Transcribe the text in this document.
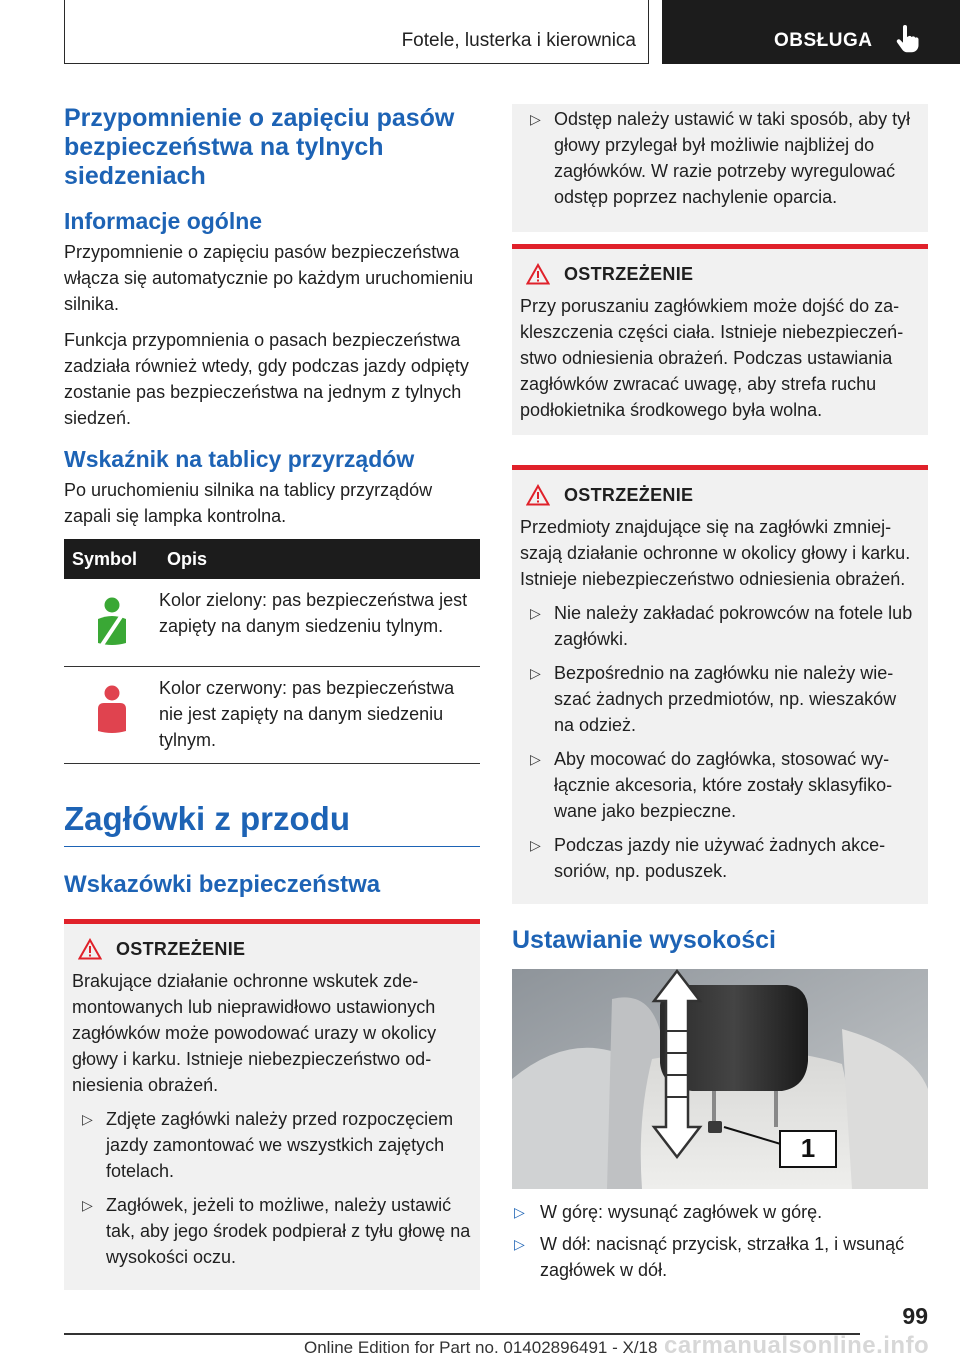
Fotele, lusterka i kierownica	OBSŁUGA
Przypomnienie o zapięciu pasów bezpieczeństwa na tylnych siedzeniach
Informacje ogólne

Przypomnienie o zapięciu pasów bezpieczeństwa włącza się automatycznie po każdym uruchomieniu silnika.

Funkcja przypomnienia o pasach bezpieczeństwa zadziała również wtedy, gdy podczas jazdy odpięty zostanie pas bezpieczeństwa na jednym z tylnych siedzeń.

Wskaźnik na tablicy przyrządów

Po uruchomieniu silnika na tablicy przyrządów zapali się lampka kontrolna.

Symbol	Opis
	Kolor zielony: pas bezpieczeństwa jest zapięty na danym siedzeniu tylnym.
	Kolor czerwony: pas bezpieczeństwa nie jest zapięty na danym siedzeniu tylnym.
Zagłówki z przodu
Wskazówki bezpieczeństwa
OSTRZEŻENIE

Brakujące działanie ochronne wskutek zdemontowanych lub nieprawidłowo ustawionych zagłówków może powodować urazy w okolicy głowy i karku. Istnieje niebezpieczeństwo odniesienia obrażeń.

▷ Zdjęte zagłówki należy przed rozpoczęciem jazdy zamontować we wszystkich zajętych fotelach.
▷ Zagłówek, jeżeli to możliwe, należy ustawić tak, aby jego środek podpierał z tyłu głowę na wysokości oczu.
▷ Odstęp należy ustawić w taki sposób, aby tył głowy przylegał był możliwie najbliżej do zagłówków. W razie potrzeby wyregulować odstęp poprzez nachylenie oparcia.
OSTRZEŻENIE

Przy poruszaniu zagłówkiem może dojść do zakleszczenia części ciała. Istnieje niebezpieczeństwo odniesienia obrażeń. Podczas ustawiania zagłówków zwracać uwagę, aby strefa ruchu podłokietnika środkowego była wolna.

OSTRZEŻENIE

Przedmioty znajdujące się na zagłówki zmniejszają działanie ochronne w okolicy głowy i karku. Istnieje niebezpieczeństwo odniesienia obrażeń.

▷ Nie należy zakładać pokrowców na fotele lub zagłówki.
▷ Bezpośrednio na zagłówku nie należy wieszać żadnych przedmiotów, np. wieszaków na odzież.
▷ Aby mocować do zagłówka, stosować wyłącznie akcesoria, które zostały sklasyfikowane jako bezpieczne.
▷ Podczas jazdy nie używać żadnych akcesoriów, np. poduszek.
Ustawianie wysokości
1
▷ W górę: wysunąć zagłówek w górę.
▷ W dół: nacisnąć przycisk, strzałka 1, i wsunąć zagłówek w dół.
99
Online Edition for Part no. 01402896491 - X/18 carmanualsonline.info
